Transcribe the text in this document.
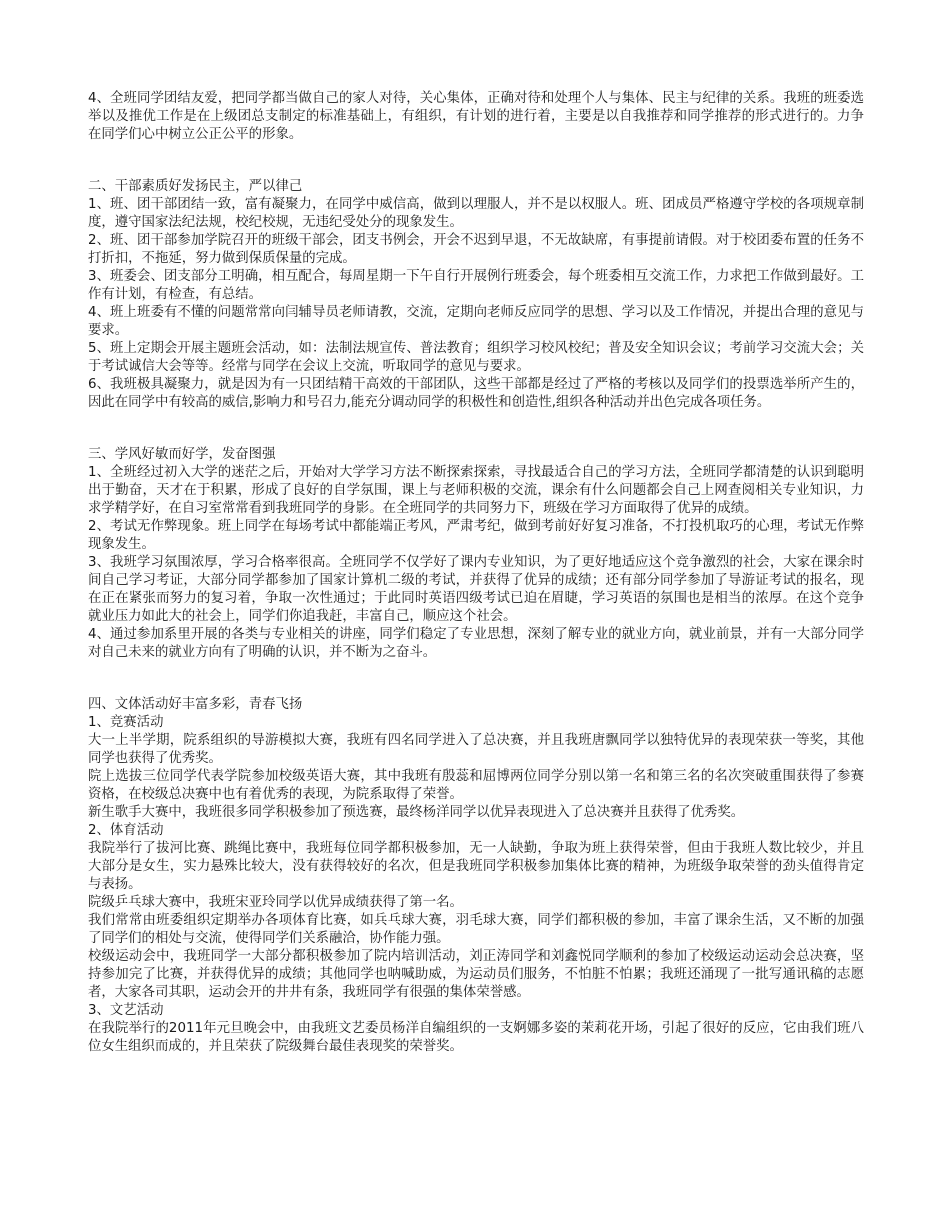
4、全班同学团结友爱，把同学都当做自己的家人对待，关心集体，正确对待和处理个人与集体、民主与纪律的关系。我班的班委选举以及推优工作是在上级团总支制定的标准基础上，有组织，有计划的进行着，主要是以自我推荐和同学推荐的形式进行的。力争在同学们心中树立公正公平的形象。

二、干部素质好发扬民主，严以律己

1、班、团干部团结一致，富有凝聚力，在同学中威信高，做到以理服人，并不是以权服人。班、团成员严格遵守学校的各项规章制度，遵守国家法纪法规，校纪校规，无违纪受处分的现象发生。

2、班、团干部参加学院召开的班级干部会，团支书例会，开会不迟到早退，不无故缺席，有事提前请假。对于校团委布置的任务不打折扣，不拖延，努力做到保质保量的完成。

3、班委会、团支部分工明确，相互配合，每周星期一下午自行开展例行班委会，每个班委相互交流工作，力求把工作做到最好。工作有计划，有检查，有总结。

4、班上班委有不懂的问题常常向闫辅导员老师请教，交流，定期向老师反应同学的思想、学习以及工作情况，并提出合理的意见与要求。

5、班上定期会开展主题班会活动，如：法制法规宣传、普法教育；组织学习校风校纪；普及安全知识会议；考前学习交流大会；关于考试诚信大会等等。经常与同学在会议上交流，听取同学的意见与要求。

6、我班极具凝聚力，就是因为有一只团结精干高效的干部团队，这些干部都是经过了严格的考核以及同学们的投票选举所产生的，因此在同学中有较高的威信,影响力和号召力,能充分调动同学的积极性和创造性,组织各种活动并出色完成各项任务。

三、学风好敏而好学，发奋图强

1、全班经过初入大学的迷茫之后，开始对大学学习方法不断探索探索，寻找最适合自己的学习方法，全班同学都清楚的认识到聪明出于勤奋，天才在于积累，形成了良好的自学氛围，课上与老师积极的交流，课余有什么问题都会自己上网查阅相关专业知识，力求学精学好，在自习室常常看到我班同学的身影。在全班同学的共同努力下，班级在学习方面取得了优异的成绩。

2、考试无作弊现象。班上同学在每场考试中都能端正考风，严肃考纪，做到考前好好复习准备，不打投机取巧的心理，考试无作弊现象发生。

3、我班学习氛围浓厚，学习合格率很高。全班同学不仅学好了课内专业知识，为了更好地适应这个竞争激烈的社会，大家在课余时间自己学习考证，大部分同学都参加了国家计算机二级的考试，并获得了优异的成绩；还有部分同学参加了导游证考试的报名，现在正在紧张而努力的复习着，争取一次性通过；于此同时英语四级考试已迫在眉睫，学习英语的氛围也是相当的浓厚。在这个竞争就业压力如此大的社会上，同学们你追我赶，丰富自己，顺应这个社会。

4、通过参加系里开展的各类与专业相关的讲座，同学们稳定了专业思想，深刻了解专业的就业方向，就业前景，并有一大部分同学对自己未来的就业方向有了明确的认识，并不断为之奋斗。

四、文体活动好丰富多彩，青春飞扬

1、竞赛活动

大一上半学期，院系组织的导游模拟大赛，我班有四名同学进入了总决赛，并且我班唐飘同学以独特优异的表现荣获一等奖，其他同学也获得了优秀奖。

院上选拔三位同学代表学院参加校级英语大赛，其中我班有殷蕊和屈博两位同学分别以第一名和第三名的名次突破重围获得了参赛资格，在校级总决赛中也有着优秀的表现，为院系取得了荣誉。

新生歌手大赛中，我班很多同学积极参加了预选赛，最终杨洋同学以优异表现进入了总决赛并且获得了优秀奖。

2、体育活动

我院举行了拔河比赛、跳绳比赛中，我班每位同学都积极参加，无一人缺勤，争取为班上获得荣誉，但由于我班人数比较少，并且大部分是女生，实力悬殊比较大，没有获得较好的名次，但是我班同学积极参加集体比赛的精神，为班级争取荣誉的劲头值得肯定与表扬。

院级乒乓球大赛中，我班宋亚玲同学以优异成绩获得了第一名。

我们常常由班委组织定期举办各项体育比赛，如兵乓球大赛，羽毛球大赛，同学们都积极的参加，丰富了课余生活，又不断的加强了同学们的相处与交流，使得同学们关系融洽，协作能力强。

校级运动会中，我班同学一大部分都积极参加了院内培训活动，刘正涛同学和刘鑫悦同学顺利的参加了校级运动运动会总决赛，坚持参加完了比赛，并获得优异的成绩；其他同学也呐喊助威，为运动员们服务，不怕脏不怕累；我班还涌现了一批写通讯稿的志愿者，大家各司其职，运动会开的井井有条，我班同学有很强的集体荣誉感。

3、文艺活动

在我院举行的2011年元旦晚会中，由我班文艺委员杨洋自编组织的一支婀娜多姿的茉莉花开场，引起了很好的反应，它由我们班八位女生组织而成的，并且荣获了院级舞台最佳表现奖的荣誉奖。
